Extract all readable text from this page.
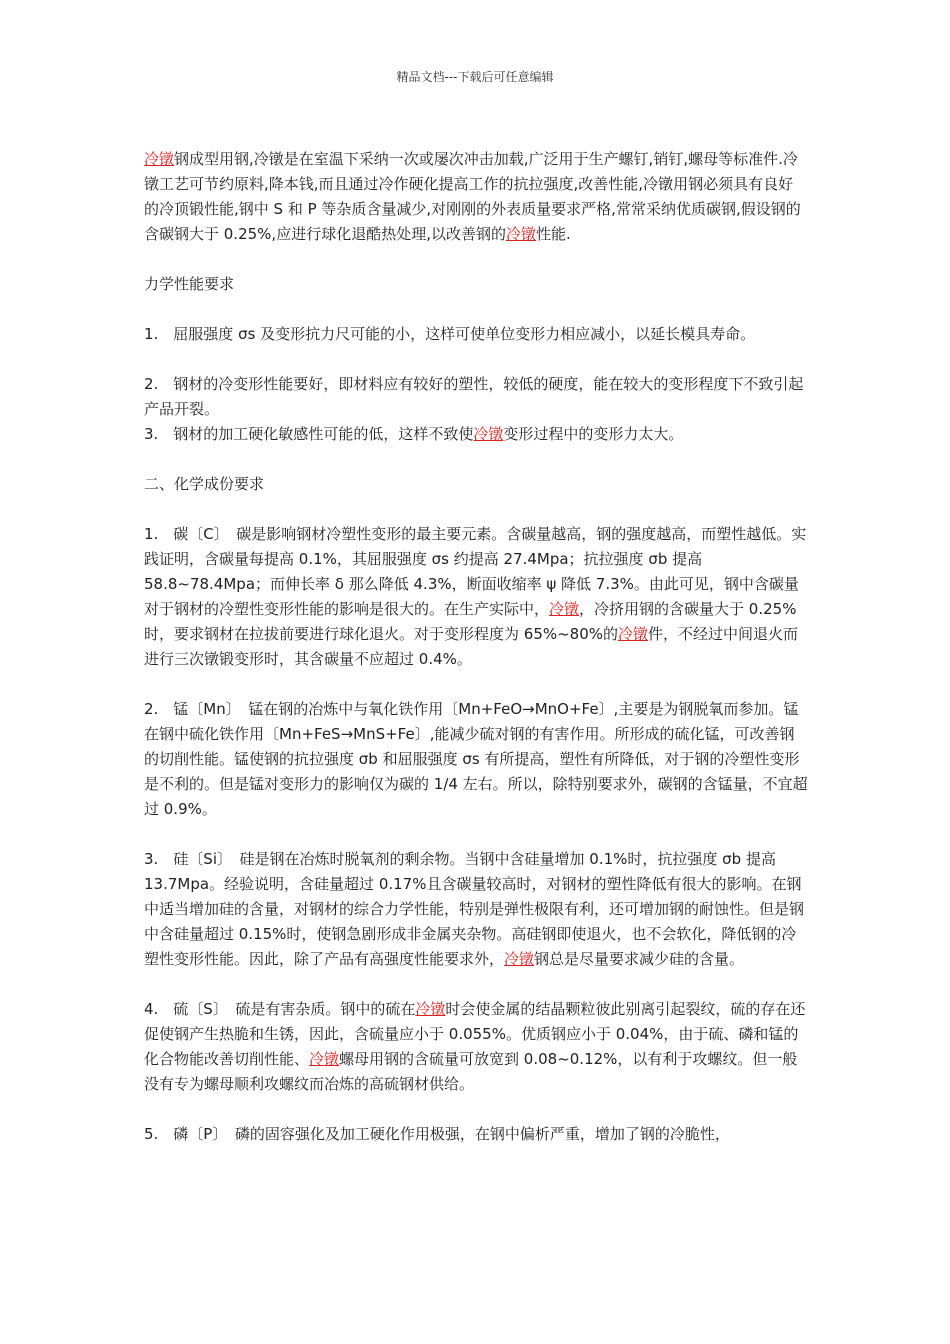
精品文档---下载后可任意编辑

冷镦钢成型用钢,冷镦是在室温下采纳一次或屡次冲击加载,广泛用于生产螺钉,销钉,螺母等标准件.冷镦工艺可节约原料,降本钱,而且通过冷作硬化提高工作的抗拉强度,改善性能,冷镦用钢必须具有良好的冷顶锻性能,钢中 S 和 P 等杂质含量减少,对刚刚的外表质量要求严格,常常采纳优质碳钢,假设钢的含碳钢大于 0.25%,应进行球化退酷热处理,以改善钢的冷镦性能.

力学性能要求

1.　屈服强度 σs 及变形抗力尺可能的小，这样可使单位变形力相应减小，以延长模具寿命。

2.　钢材的冷变形性能要好，即材料应有较好的塑性，较低的硬度，能在较大的变形程度下不致引起产品开裂。

3.　钢材的加工硬化敏感性可能的低，这样不致使冷镦变形过程中的变形力太大。

二、化学成份要求

1.　碳〔C〕　碳是影响钢材冷塑性变形的最主要元素。含碳量越高，钢的强度越高，而塑性越低。实践证明，含碳量每提高 0.1%，其屈服强度 σs 约提高 27.4Mpa；抗拉强度 σb 提高 58.8~78.4Mpa；而伸长率 δ 那么降低 4.3%，断面收缩率 ψ 降低 7.3%。由此可见，钢中含碳量对于钢材的冷塑性变形性能的影响是很大的。在生产实际中，冷镦，冷挤用钢的含碳量大于 0.25%时，要求钢材在拉拔前要进行球化退火。对于变形程度为 65%~80%的冷镦件，不经过中间退火而进行三次镦锻变形时，其含碳量不应超过 0.4%。

2.　锰〔Mn〕　锰在钢的冶炼中与氧化铁作用〔Mn+FeO→MnO+Fe〕,主要是为钢脱氧而参加。锰在钢中硫化铁作用〔Mn+FeS→MnS+Fe〕,能减少硫对钢的有害作用。所形成的硫化锰，可改善钢的切削性能。锰使钢的抗拉强度 σb 和屈服强度 σs 有所提高，塑性有所降低，对于钢的冷塑性变形是不利的。但是锰对变形力的影响仅为碳的 1/4 左右。所以，除特别要求外，碳钢的含锰量，不宜超过 0.9%。

3.　硅〔Si〕　硅是钢在冶炼时脱氧剂的剩余物。当钢中含硅量增加 0.1%时，抗拉强度 σb 提高 13.7Mpa。经验说明，含硅量超过 0.17%且含碳量较高时，对钢材的塑性降低有很大的影响。在钢中适当增加硅的含量，对钢材的综合力学性能，特别是弹性极限有利，还可增加钢的耐蚀性。但是钢中含硅量超过 0.15%时，使钢急剧形成非金属夹杂物。高硅钢即使退火，也不会软化，降低钢的冷塑性变形性能。因此，除了产品有高强度性能要求外，冷镦钢总是尽量要求减少硅的含量。

4.　硫〔S〕　硫是有害杂质。钢中的硫在冷镦时会使金属的结晶颗粒彼此别离引起裂纹，硫的存在还促使钢产生热脆和生锈，因此，含硫量应小于 0.055%。优质钢应小于 0.04%，由于硫、磷和锰的化合物能改善切削性能、冷镦螺母用钢的含硫量可放宽到 0.08~0.12%，以有利于攻螺纹。但一般没有专为螺母顺利攻螺纹而冶炼的高硫钢材供给。

5.　磷〔P〕　磷的固容强化及加工硬化作用极强，在钢中偏析严重，增加了钢的冷脆性，
